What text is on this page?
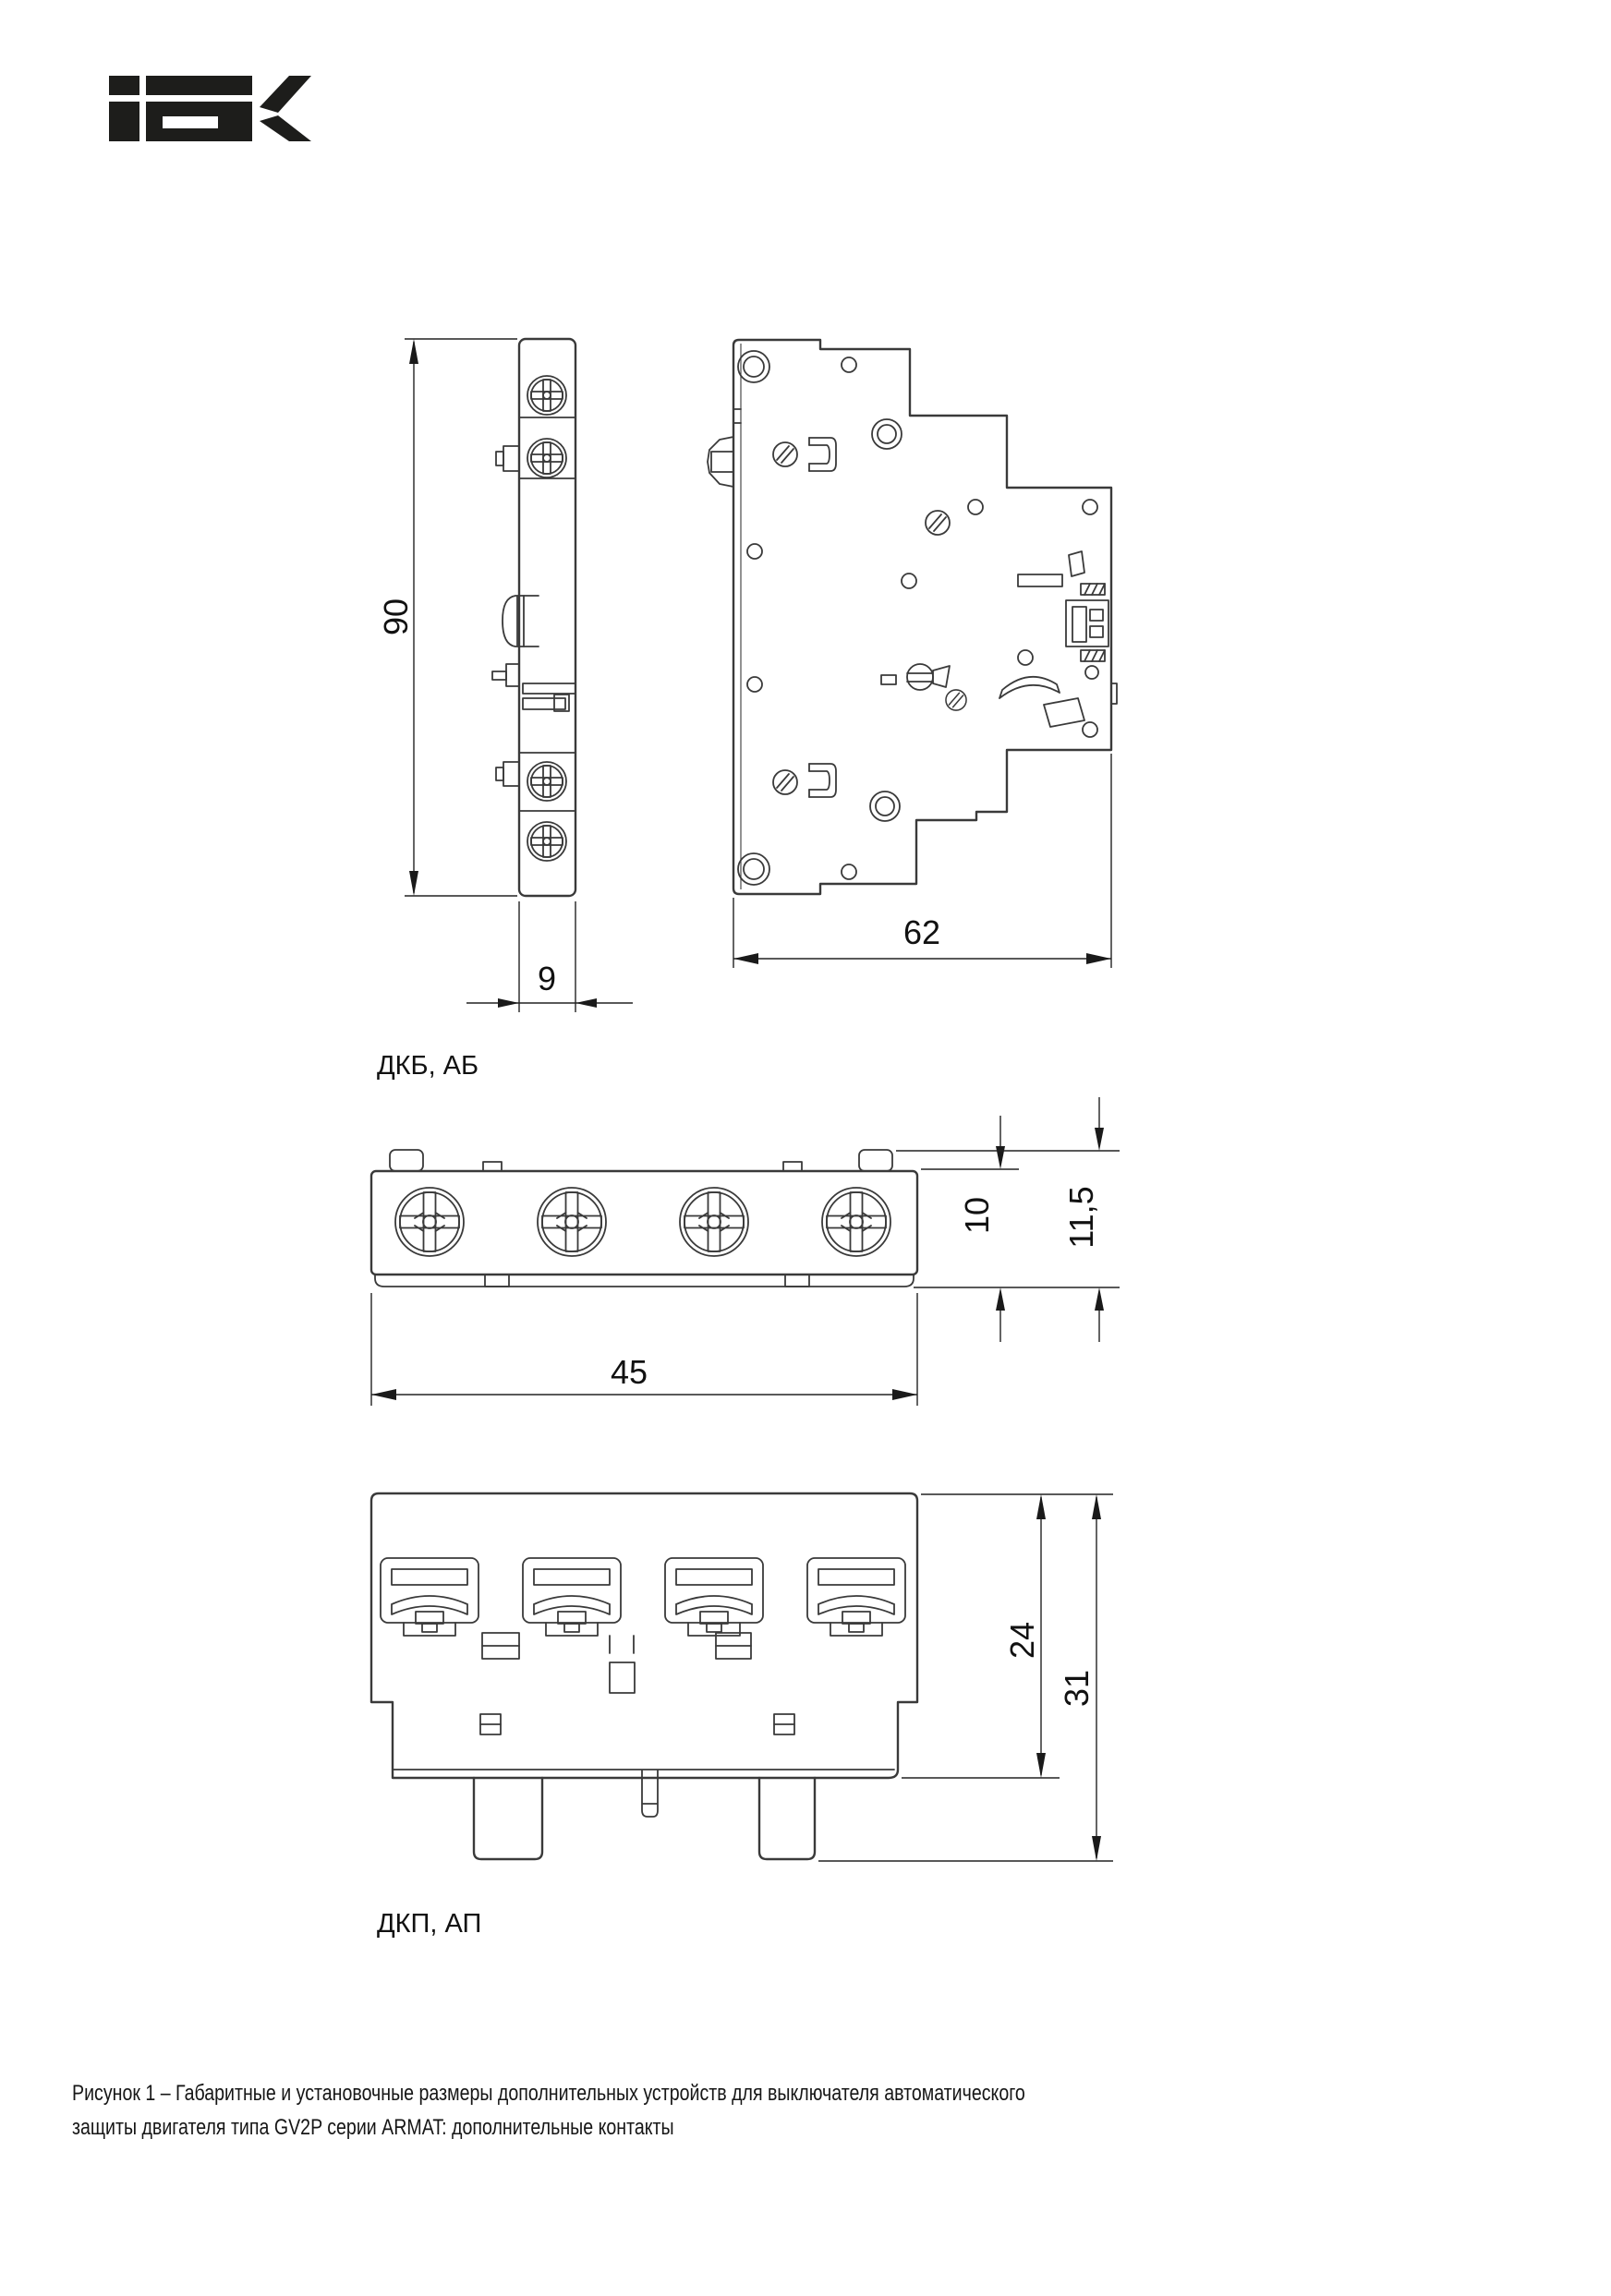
90
9
ДКБ, АБ
62
45
10 11,5
24
31
ДКП, АП
Рисунок 1 – Габаритные и установочные размеры дополнительных устройств для выключателя автоматического
защиты двигателя типа GV2P серии ARMAT: дополнительные контакты
